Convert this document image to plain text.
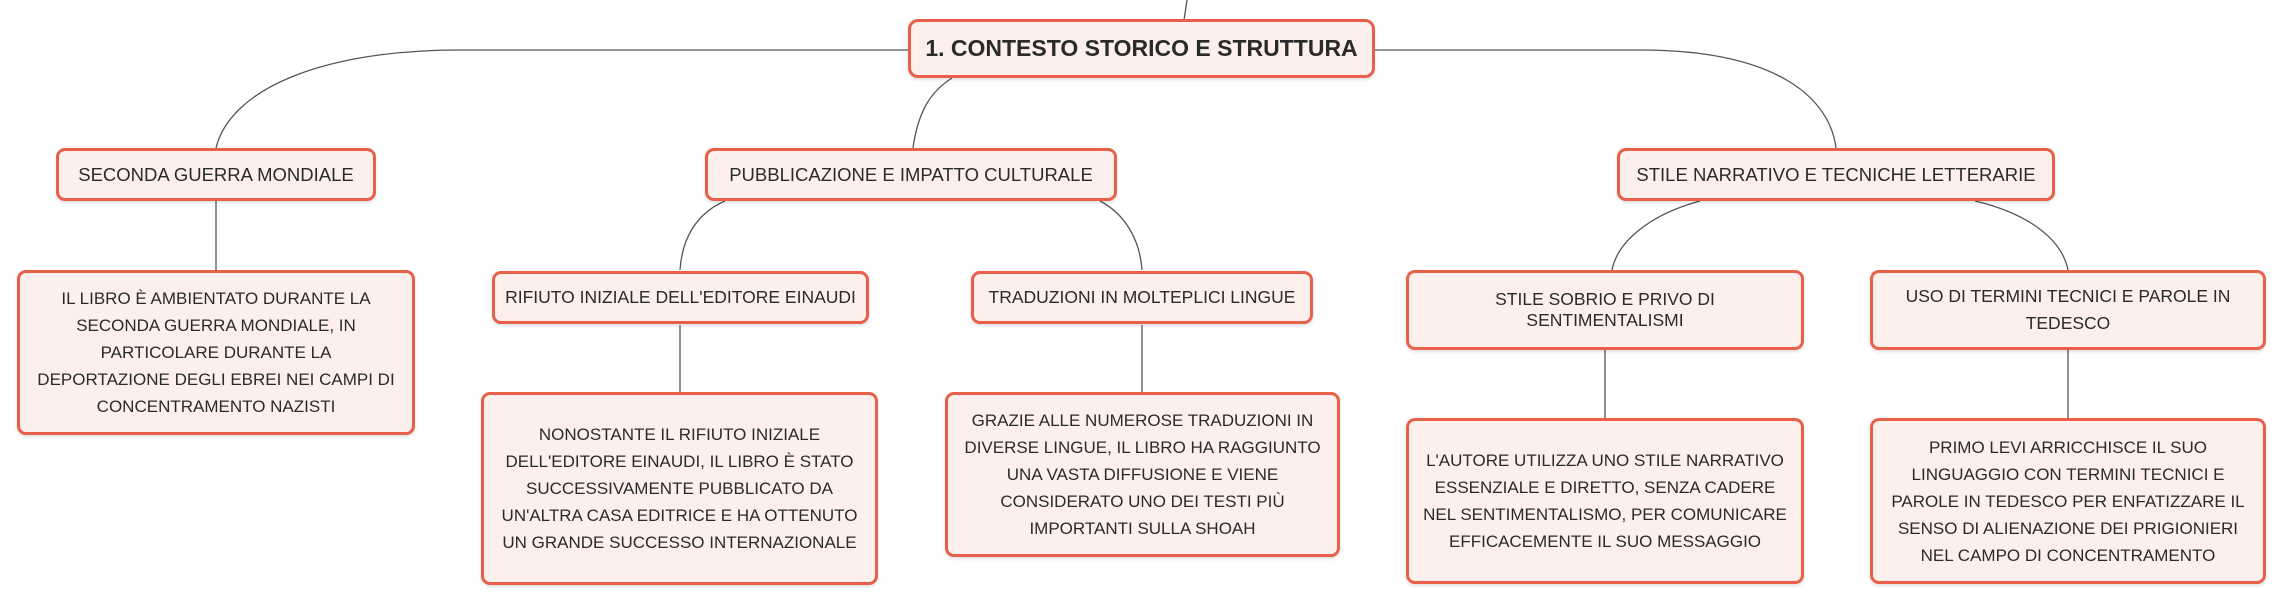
1. CONTESTO STORICO E STRUTTURA
SECONDA GUERRA MONDIALE	PUBBLICAZIONE E IMPATTO CULTURALE	STILE NARRATIVO E TECNICHE LETTERARIE
RIFIUTO INIZIALE DELL'EDITORE EINAUDI	TRADUZIONI IN MOLTEPLICI LINGUE	STILE SOBRIO E PRIVO DI SENTIMENTALISMI
USO DI TERMINI TECNICI E PAROLE IN TEDESCO
IL LIBRO È AMBIENTATO DURANTE LA SECONDA GUERRA MONDIALE, IN PARTICOLARE DURANTE LA DEPORTAZIONE DEGLI EBREI NEI CAMPI DI CONCENTRAMENTO NAZISTI
NONOSTANTE IL RIFIUTO INIZIALE DELL'EDITORE EINAUDI, IL LIBRO È STATO SUCCESSIVAMENTE PUBBLICATO DA UN'ALTRA CASA EDITRICE E HA OTTENUTO UN GRANDE SUCCESSO INTERNAZIONALE
GRAZIE ALLE NUMEROSE TRADUZIONI IN DIVERSE LINGUE, IL LIBRO HA RAGGIUNTO UNA VASTA DIFFUSIONE E VIENE CONSIDERATO UNO DEI TESTI PIÙ IMPORTANTI SULLA SHOAH
L'AUTORE UTILIZZA UNO STILE NARRATIVO ESSENZIALE E DIRETTO, SENZA CADERE NEL SENTIMENTALISMO, PER COMUNICARE EFFICACEMENTE IL SUO MESSAGGIO
PRIMO LEVI ARRICCHISCE IL SUO LINGUAGGIO CON TERMINI TECNICI E PAROLE IN TEDESCO PER ENFATIZZARE IL SENSO DI ALIENAZIONE DEI PRIGIONIERI NEL CAMPO DI CONCENTRAMENTO
